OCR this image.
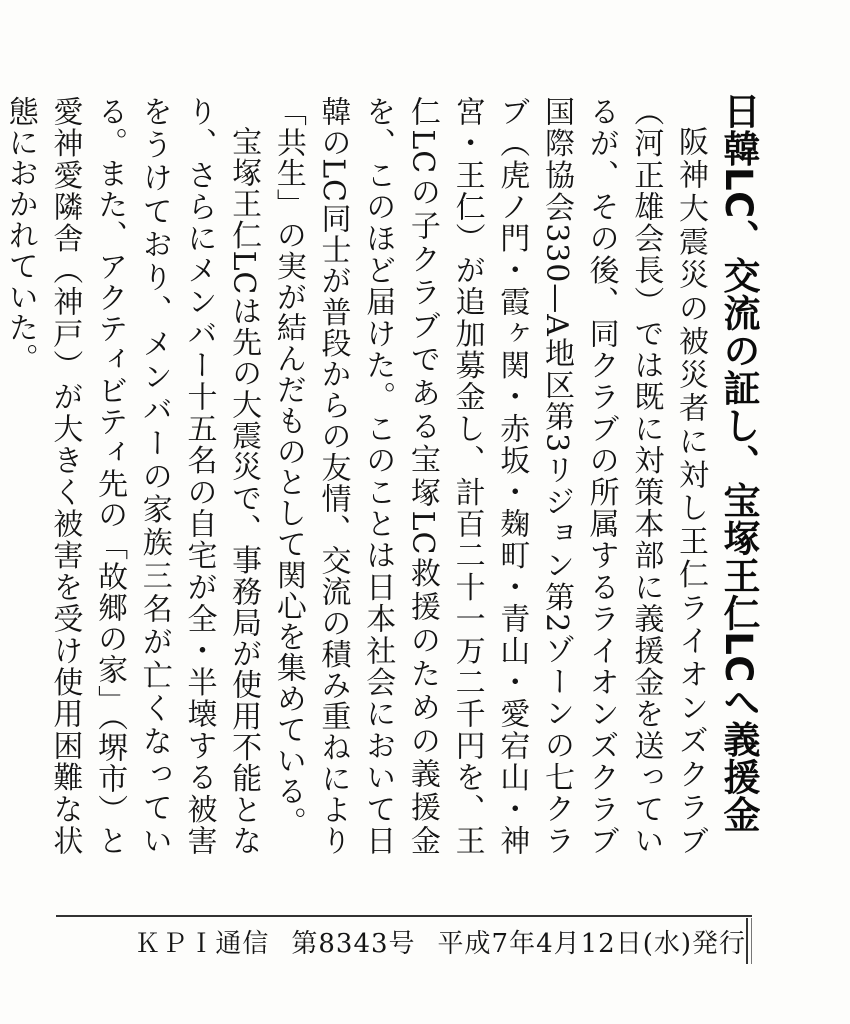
日韓LC、交流の証し、宝塚王仁LCへ義援金

阪神大震災の被災者に対し王仁ライオンズクラブ（河正雄会長）では既に対策本部に義援金を送っているが、その後、同クラブの所属するライオンズクラブ国際協会330—A地区第3リジョン第2ゾーンの七クラブ（虎ノ門・霞ヶ関・赤坂・麹町・青山・愛宕山・神宮・王仁）が追加募金し、計百二十一万二千円を、王仁LCの子クラブである宝塚LC救援のための義援金を、このほど届けた。このことは日本社会において日韓のLC同士が普段からの友情、交流の積み重ねにより「共生」の実が結んだものとして関心を集めている。

宝塚王仁LCは先の大震災で、事務局が使用不能となり、さらにメンバー十五名の自宅が全・半壊する被害をうけており、メンバーの家族三名が亡くなっている。また、アクティビティ先の「故郷の家」（堺市）と愛神愛隣舎（神戸）が大きく被害を受け使用困難な状態におかれていた。

ＫＰＩ通信 第8343号 平成7年4月12日(水)発行
